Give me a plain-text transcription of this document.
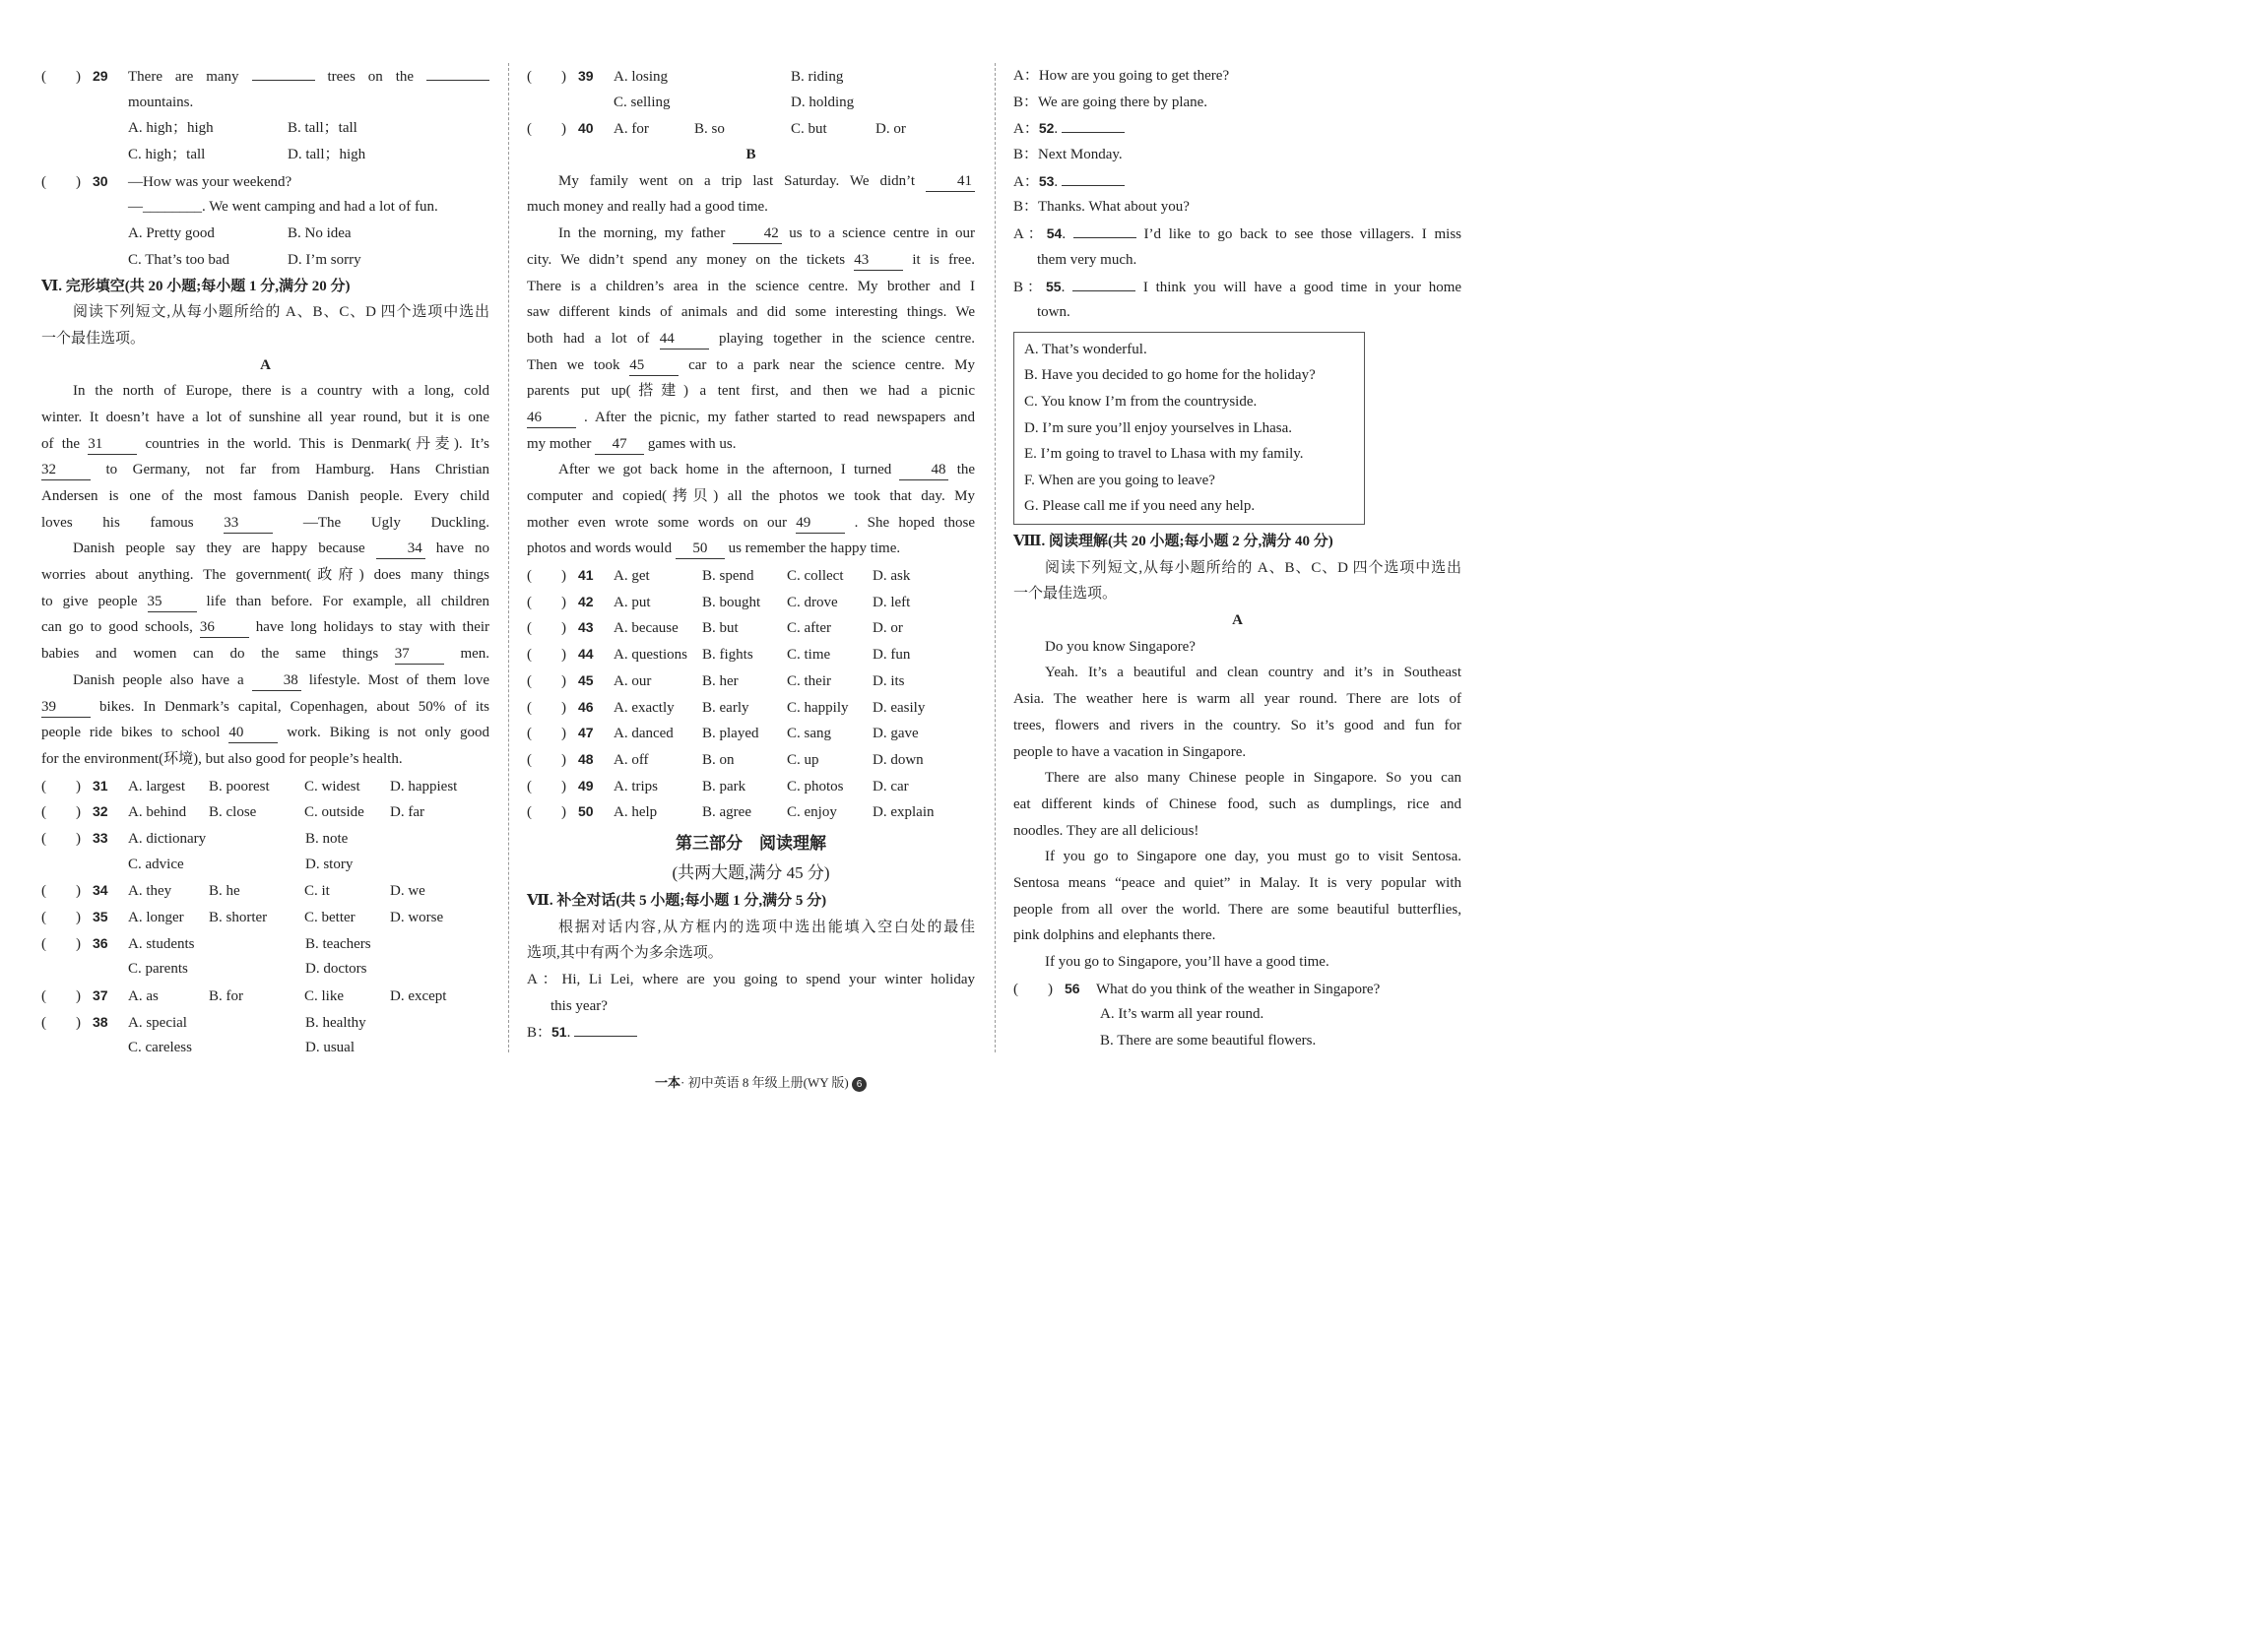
(　　) 29	There are many	trees on the
mountains.
A. high；high	B. tall；tall
C. high；tall	D. tall；high
(　　) 30	—How was your weekend?
—________. We went camping and had a lot of fun.
A. Pretty good	B. No idea
C. That’s too bad	D. I’m sorry
Ⅵ. 完形填空(共 20 小题;每小题 1 分,满分 20 分)
阅读下列短文,从每小题所给的 A、B、C、D 四个选项中选出
一个最佳选项。
A
In the north of Europe, there is a country with a long, cold
winter. It doesn’t have a lot of sunshine all year round, but it is one
of the 31	countries in the world. This is Denmark(丹麦). It’s
32	to Germany, not far from Hamburg. Hans Christian
Andersen is one of the most famous Danish people. Every child
loves his famous 33	—The Ugly Duckling.
Danish people say they are happy because	34 have no
worries about anything. The government(政府) does many things
to give people 35	life than before. For example, all children
can go to good schools, 36	have long holidays to stay with their
babies and women can do the same things 37	men.
Danish people also have a	38 lifestyle. Most of them love
39	bikes. In Denmark’s capital, Copenhagen, about 50% of its
people ride bikes to school 40	work. Biking is not only good
for the environment(环境), but also good for people’s health.
(　　) 31	A. largest	B. poorest	C. widest	D. happiest
(　　) 32	A. behind	B. close	C. outside	D. far
(　　) 33	A. dictionary	B. note
C. advice	D. story
(　　) 34	A. they	B. he	C. it	D. we
(　　) 35	A. longer	B. shorter	C. better	D. worse
(　　) 36	A. students	B. teachers
C. parents	D. doctors
(　　) 37	A. as	B. for	C. like	D. except
(　　) 38	A. special	B. healthy
C. careless	D. usual
(　　) 39	A. losing	B. riding
C. selling	D. holding
(　　) 40	A. for	B. so	C. but	D. or
B
My family went on a trip last Saturday. We didn’t	41
much money and really had a good time.
In the morning, my father	42 us to a science centre in our
city. We didn’t spend any money on the tickets 43	it is free.
There is a children’s area in the science centre. My brother and I
saw different kinds of animals and did some interesting things. We
both had a lot of 44	playing together in the science centre.
Then we took 45	car to a park near the science centre. My
parents put up(搭建) a tent first, and then we had a picnic
46	. After the picnic, my father started to read newspapers and
my mother 47 games with us.
After we got back home in the afternoon, I turned	48 the
computer and copied(拷贝) all the photos we took that day. My
mother even wrote some words on our 49	. She hoped those
photos and words would 50 us remember the happy time.
(　　) 41	A. get	B. spend	C. collect	D. ask
(　　) 42	A. put	B. bought	C. drove	D. left
(　　) 43	A. because	B. but	C. after	D. or
(　　) 44	A. questions	B. fights	C. time	D. fun
(　　) 45	A. our	B. her	C. their	D. its
(　　) 46	A. exactly	B. early	C. happily	D. easily
(　　) 47	A. danced	B. played	C. sang	D. gave
(　　) 48	A. off	B. on	C. up	D. down
(　　) 49	A. trips	B. park	C. photos	D. car
(　　) 50	A. help	B. agree	C. enjoy	D. explain
第三部分　阅读理解
(共两大题,满分 45 分)
Ⅶ. 补全对话(共 5 小题;每小题 1 分,满分 5 分)
根据对话内容,从方框内的选项中选出能填入空白处的最佳
选项,其中有两个为多余选项。
A：Hi, Li Lei, where are you going to spend your winter holiday
this year?
B：51.
A：How are you going to get there?
B：We are going there by plane.
A：52.
B：Next Monday.
A：53.
B：Thanks. What about you?
A：54.	I’d like to go back to see those villagers. I miss
them very much.
B：55.	I think you will have a good time in your home
town.
A. That’s wonderful.
B. Have you decided to go home for the holiday?
C. You know I’m from the countryside.
D. I’m sure you’ll enjoy yourselves in Lhasa.
E. I’m going to travel to Lhasa with my family.
F. When are you going to leave?
G. Please call me if you need any help.
Ⅷ. 阅读理解(共 20 小题;每小题 2 分,满分 40 分)
阅读下列短文,从每小题所给的 A、B、C、D 四个选项中选出
一个最佳选项。
A
Do you know Singapore?
Yeah. It’s a beautiful and clean country and it’s in Southeast
Asia. The weather here is warm all year round. There are lots of
trees, flowers and rivers in the country. So it’s good and fun for
people to have a vacation in Singapore.
There are also many Chinese people in Singapore. So you can
eat different kinds of Chinese food, such as dumplings, rice and
noodles. They are all delicious!
If you go to Singapore one day, you must go to visit Sentosa.
Sentosa means “peace and quiet” in Malay. It is very popular with
people from all over the world. There are some beautiful butterflies,
pink dolphins and elephants there.
If you go to Singapore, you’ll have a good time.
(　　) 56	What do you think of the weather in Singapore?
A. It’s warm all year round.
B. There are some beautiful flowers.
一本· 初中英语 8 年级上册(WY 版) 6
